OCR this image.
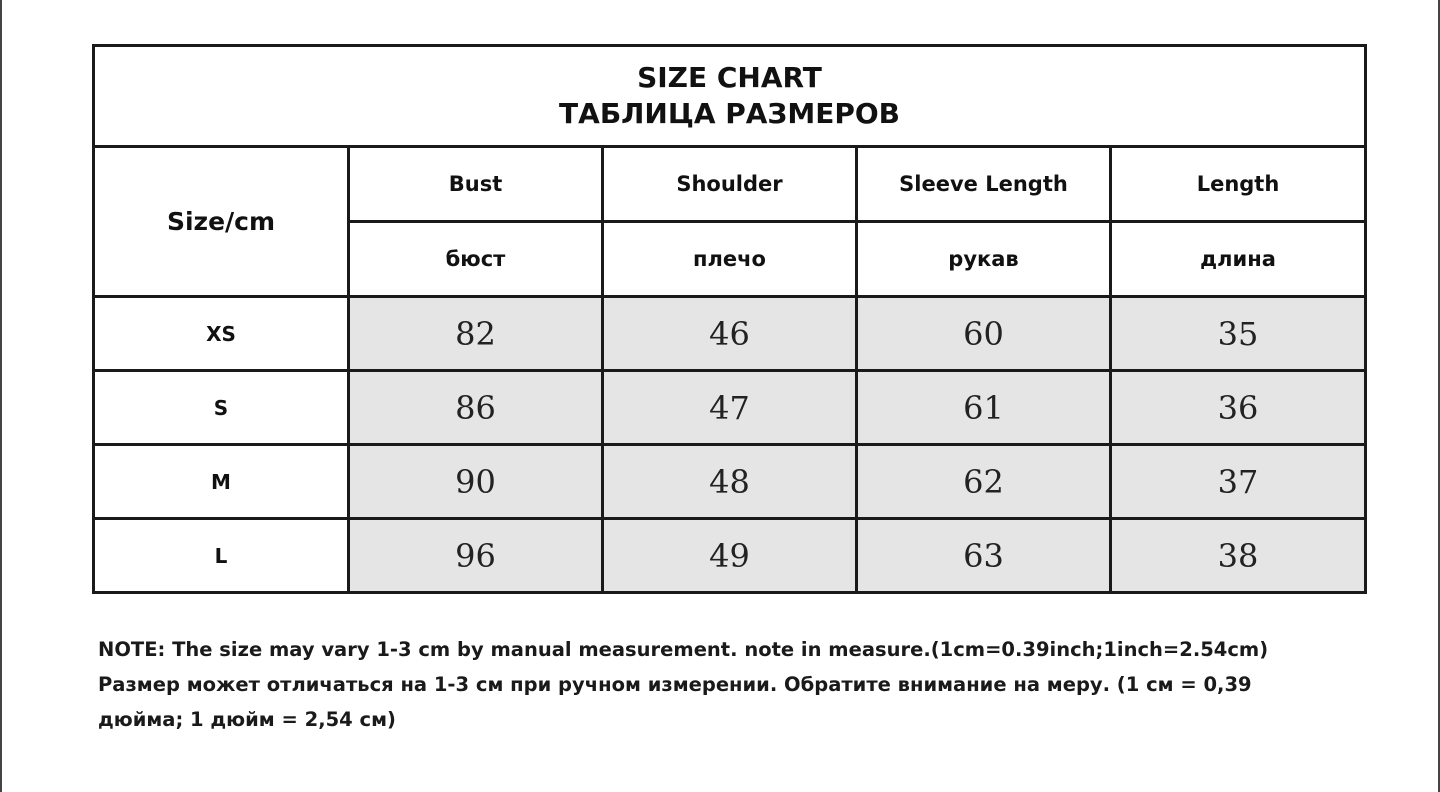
SIZE CHART
ТАБЛИЦА РАЗМЕРОВ				

Size/cm	Bust	Shoulder	Sleeve Length	Length
	бюст	плечо	рукав	длина
XS	82	46	60	35
S	86	47	61	36
M	90	48	62	37
L	96	49	63	38
NOTE: The size may vary 1-3 cm by manual measurement. note in measure.(1cm=0.39inch;1inch=2.54cm)
Размер может отличаться на 1-3 см при ручном измерении. Обратите внимание на меру. (1 см = 0,39
дюйма; 1 дюйм = 2,54 см)
